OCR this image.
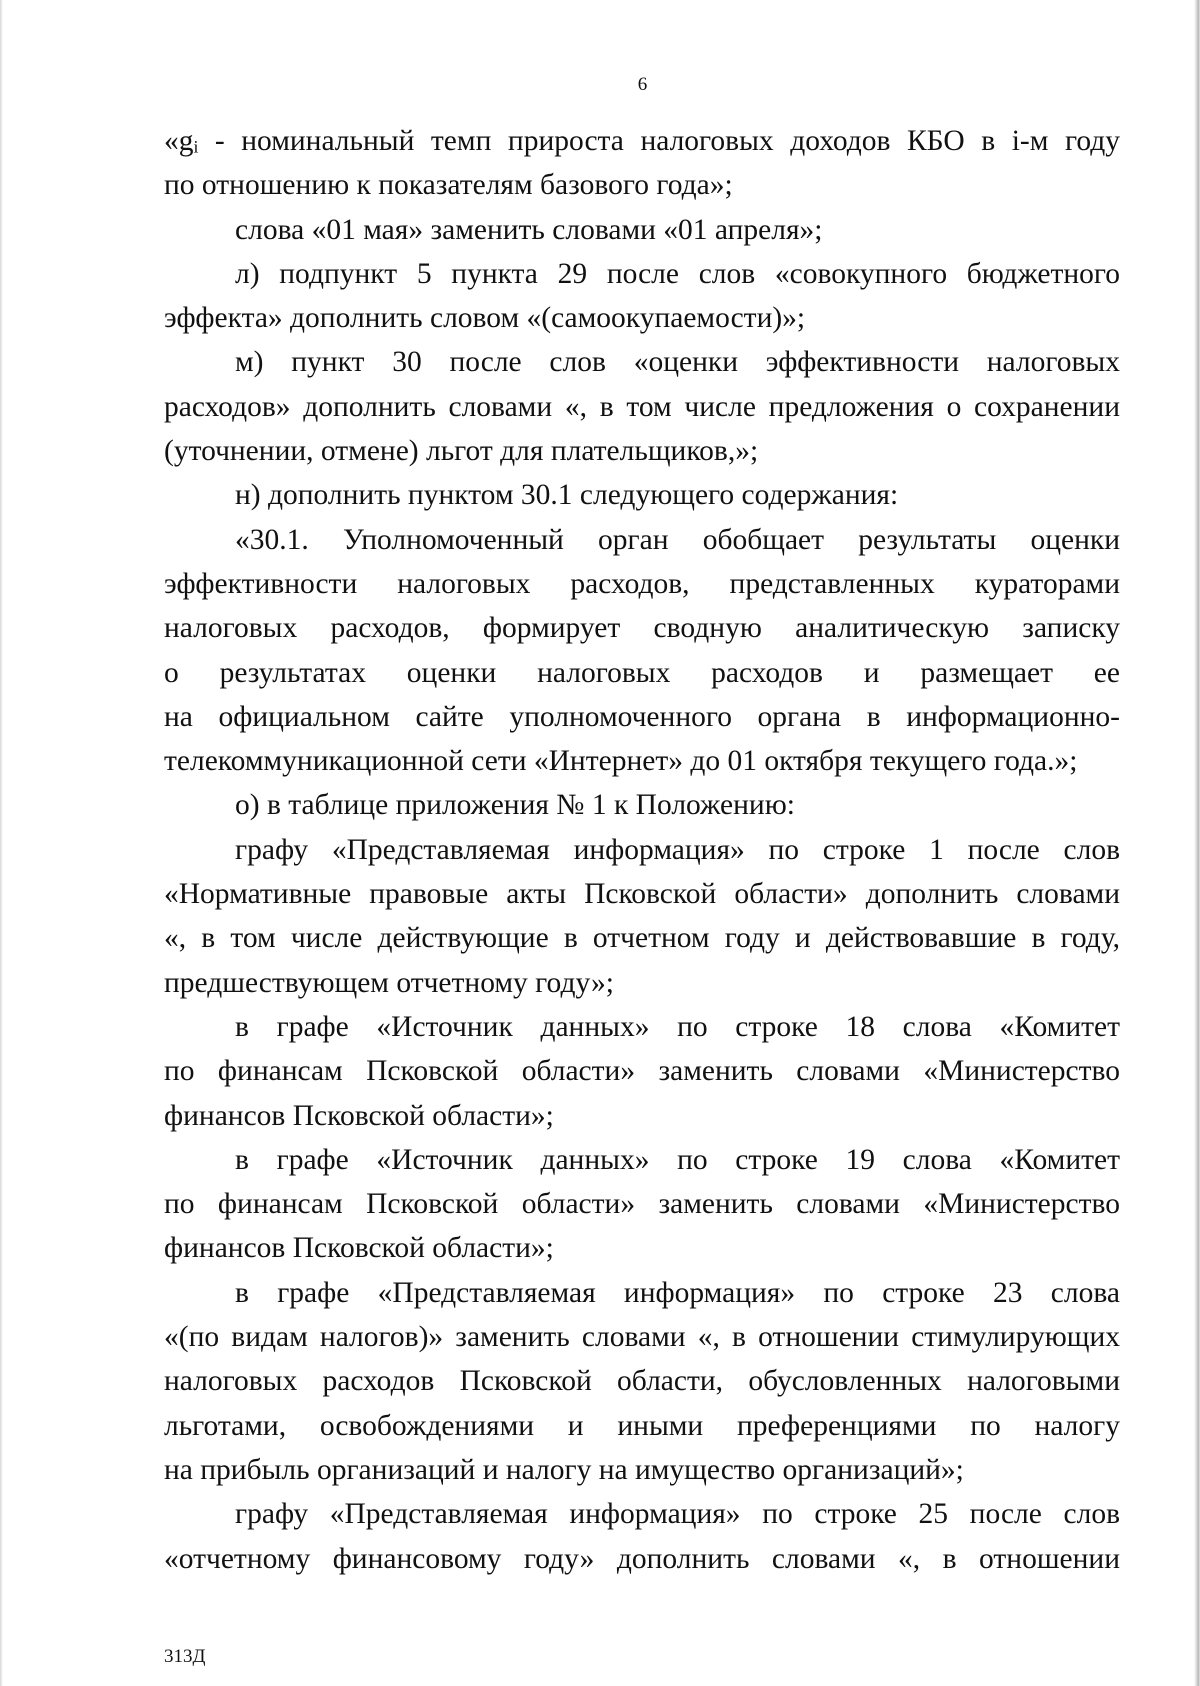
6
«gᵢ - номинальный темп прироста налоговых доходов КБО в i-м году
по отношению к показателям базового года»;
слова «01 мая» заменить словами «01 апреля»;
л) подпункт 5 пункта 29 после слов «совокупного бюджетного
эффекта» дополнить словом «(самоокупаемости)»;
м) пункт 30 после слов «оценки эффективности налоговых
расходов» дополнить словами «, в том числе предложения о сохранении
(уточнении, отмене) льгот для плательщиков,»;
н) дополнить пунктом 30.1 следующего содержания:
«30.1. Уполномоченный орган обобщает результаты оценки
эффективности налоговых расходов, представленных кураторами
налоговых расходов, формирует сводную аналитическую записку
о результатах оценки налоговых расходов и размещает ее
на официальном сайте уполномоченного органа в информационно-
телекоммуникационной сети «Интернет» до 01 октября текущего года.»;
о) в таблице приложения № 1 к Положению:
графу «Представляемая информация» по строке 1 после слов
«Нормативные правовые акты Псковской области» дополнить словами
«, в том числе действующие в отчетном году и действовавшие в году,
предшествующем отчетному году»;
в графе «Источник данных» по строке 18 слова «Комитет
по финансам Псковской области» заменить словами «Министерство
финансов Псковской области»;
в графе «Источник данных» по строке 19 слова «Комитет
по финансам Псковской области» заменить словами «Министерство
финансов Псковской области»;
в графе «Представляемая информация» по строке 23 слова
«(по видам налогов)» заменить словами «, в отношении стимулирующих
налоговых расходов Псковской области, обусловленных налоговыми
льготами, освобождениями и иными преференциями по налогу
на прибыль организаций и налогу на имущество организаций»;
графу «Представляемая информация» по строке 25 после слов
«отчетному финансовому году» дополнить словами «, в отношении
313Д
